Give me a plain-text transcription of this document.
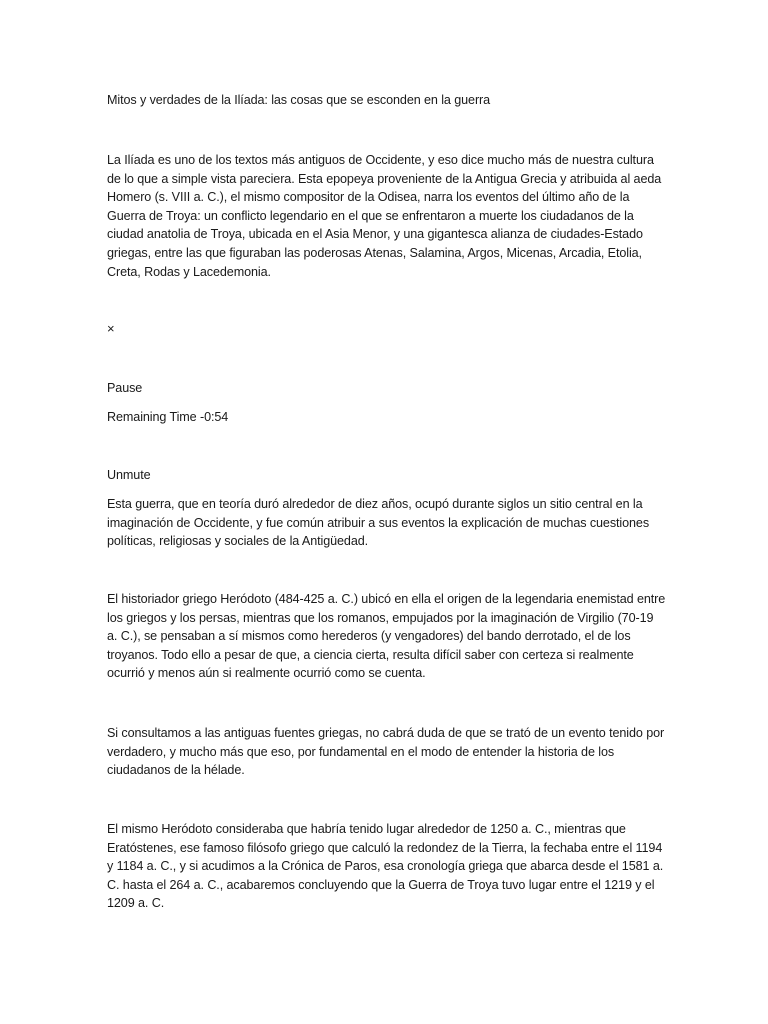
Mitos y verdades de la Ilíada: las cosas que se esconden en la guerra

La Ilíada es uno de los textos más antiguos de Occidente, y eso dice mucho más de nuestra cultura de lo que a simple vista pareciera. Esta epopeya proveniente de la Antigua Grecia y atribuida al aeda Homero (s. VIII a. C.), el mismo compositor de la Odisea, narra los eventos del último año de la Guerra de Troya: un conflicto legendario en el que se enfrentaron a muerte los ciudadanos de la ciudad anatolia de Troya, ubicada en el Asia Menor, y una gigantesca alianza de ciudades-Estado griegas, entre las que figuraban las poderosas Atenas, Salamina, Argos, Micenas, Arcadia, Etolia, Creta, Rodas y Lacedemonia.

×
Pause
Remaining Time -0:54
Unmute

Esta guerra, que en teoría duró alrededor de diez años, ocupó durante siglos un sitio central en la imaginación de Occidente, y fue común atribuir a sus eventos la explicación de muchas cuestiones políticas, religiosas y sociales de la Antigüedad.

El historiador griego Heródoto (484-425 a. C.) ubicó en ella el origen de la legendaria enemistad entre los griegos y los persas, mientras que los romanos, empujados por la imaginación de Virgilio (70-19 a. C.), se pensaban a sí mismos como herederos (y vengadores) del bando derrotado, el de los troyanos. Todo ello a pesar de que, a ciencia cierta, resulta difícil saber con certeza si realmente ocurrió y menos aún si realmente ocurrió como se cuenta.

Si consultamos a las antiguas fuentes griegas, no cabrá duda de que se trató de un evento tenido por verdadero, y mucho más que eso, por fundamental en el modo de entender la historia de los ciudadanos de la hélade.

El mismo Heródoto consideraba que habría tenido lugar alrededor de 1250 a. C., mientras que Eratóstenes, ese famoso filósofo griego que calculó la redondez de la Tierra, la fechaba entre el 1194 y 1184 a. C., y si acudimos a la Crónica de Paros, esa cronología griega que abarca desde el 1581 a. C. hasta el 264 a. C., acabaremos concluyendo que la Guerra de Troya tuvo lugar entre el 1219 y el 1209 a. C.
